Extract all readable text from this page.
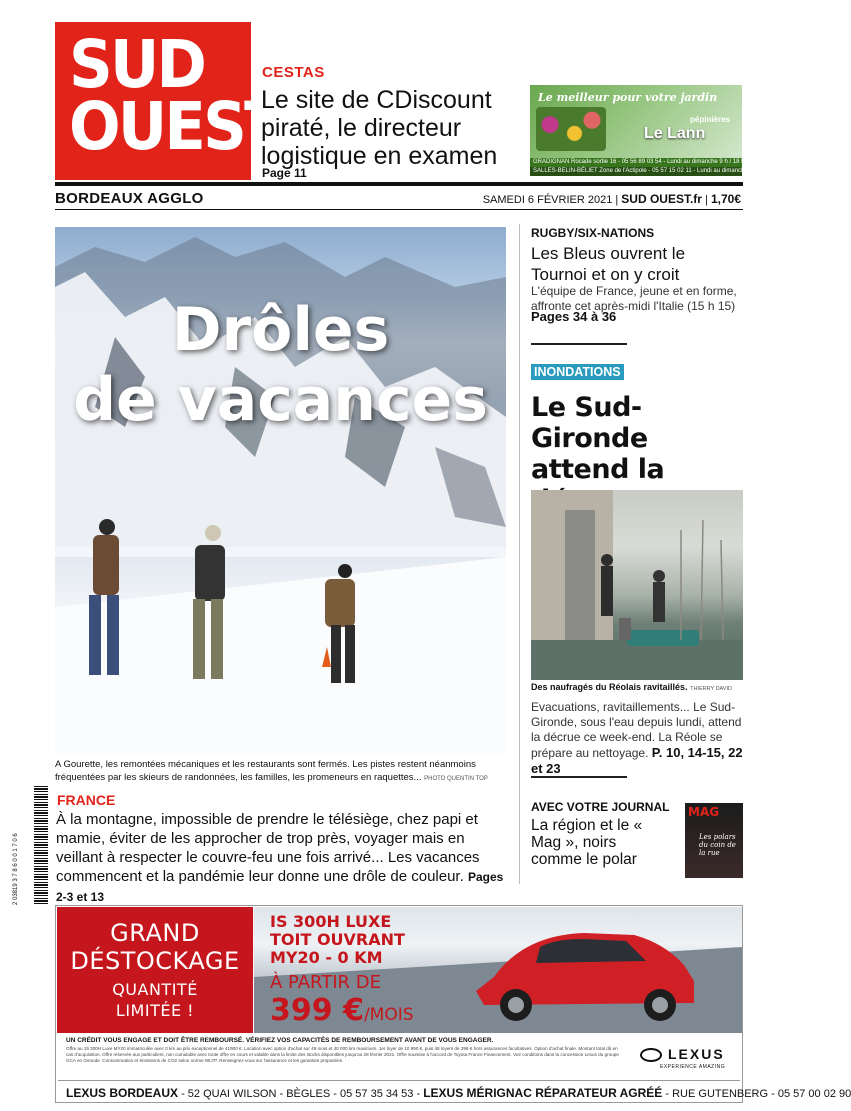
SUD
OUEST
CESTAS
Le site de CDiscount piraté, le directeur logistique en examen
Page 11
Le meilleur pour votre jardin
pépinières
Le Lann
GRADIGNAN Rocade sortie 16 - 05 56 89 03 54 - Lundi au dimanche 9 h / 18 h
SALLES-BELIN-BÉLIET Zone de l'Actipole - 05 57 15 02 11 - Lundi au dimanche 9 h / 18 h
BORDEAUX AGGLO	SAMEDI 6 FÉVRIER 2021 | SUD OUEST.fr | 1,70€
Drôles
de vacances
A Gourette, les remontées mécaniques et les restaurants sont fermés. Les pistes restent néanmoins fréquentées par les skieurs de randonnées, les familles, les promeneurs en raquettes... PHOTO QUENTIN TOP
2 03819 3 7 8 6 0 0 1 7 0 6
FRANCE
À la montagne, impossible de prendre le télésiège, chez papi et mamie, éviter de les approcher de trop près, voyager mais en veillant à respecter le couvre-feu une fois arrivé... Les vacances commencent et la pandémie leur donne une drôle de couleur. Pages 2-3 et 13
RUGBY/SIX-NATIONS
Les Bleus ouvrent le Tournoi et on y croit
L'équipe de France, jeune et en forme, affronte cet après-midi l'Italie (15 h 15)
Pages 34 à 36
INONDATIONS
Le Sud-Gironde attend la
Des naufragés du Réolais ravitaillés. THIERRY DAVID
Evacuations, ravitaillements... Le Sud-Gironde, sous l'eau depuis lundi, attend la décrue ce week-end. La Réole se prépare au nettoyage. P. 10, 14-15, 22 et 23
AVEC VOTRE JOURNAL
La région et le « Mag », noirs comme le polar
MAG
Les polars du coin de la rue
GRAND
DÉSTOCKAGE
QUANTITÉ
LIMITÉE !
IS 300H LUXE
TOIT OUVRANT
MY20 - 0 KM
À PARTIR DE
399 €/MOIS
UN CRÉDIT VOUS ENGAGE ET DOIT ÊTRE REMBOURSÉ. VÉRIFIEZ VOS CAPACITÉS DE REMBOURSEMENT AVANT DE VOUS ENGAGER.
Offre au 15 300H Luxe MY20 immatriculée avec 0 km au prix exceptionnel de 41900 €. Location avec option d'achat sur 49 mois et 40 000 km maximum. 1er loyer de 10 990 €, puis 48 loyers de 399 € hors assurances facultatives. Option d'achat finale. Montant total dû en cas d'acquisition. Offre réservée aux particuliers, non cumulable avec toute offre en cours et valable dans la limite des stocks disponibles jusqu'au 28 février 2021. Offre soumise à l'accord de Toyota France Financement. Voir conditions dans la concession Lexus du groupe GCA en Gironde. Consommation et émissions de CO2 selon norme WLTP. Renseignez-vous sur l'assurance et les garanties proposées.	LEXUS
EXPERIENCE AMAZING
LEXUS BORDEAUX - 52 QUAI WILSON - BÈGLES - 05 57 35 34 53 - LEXUS MÉRIGNAC RÉPARATEUR AGRÉÉ - RUE GUTENBERG - 05 57 00 02 90
